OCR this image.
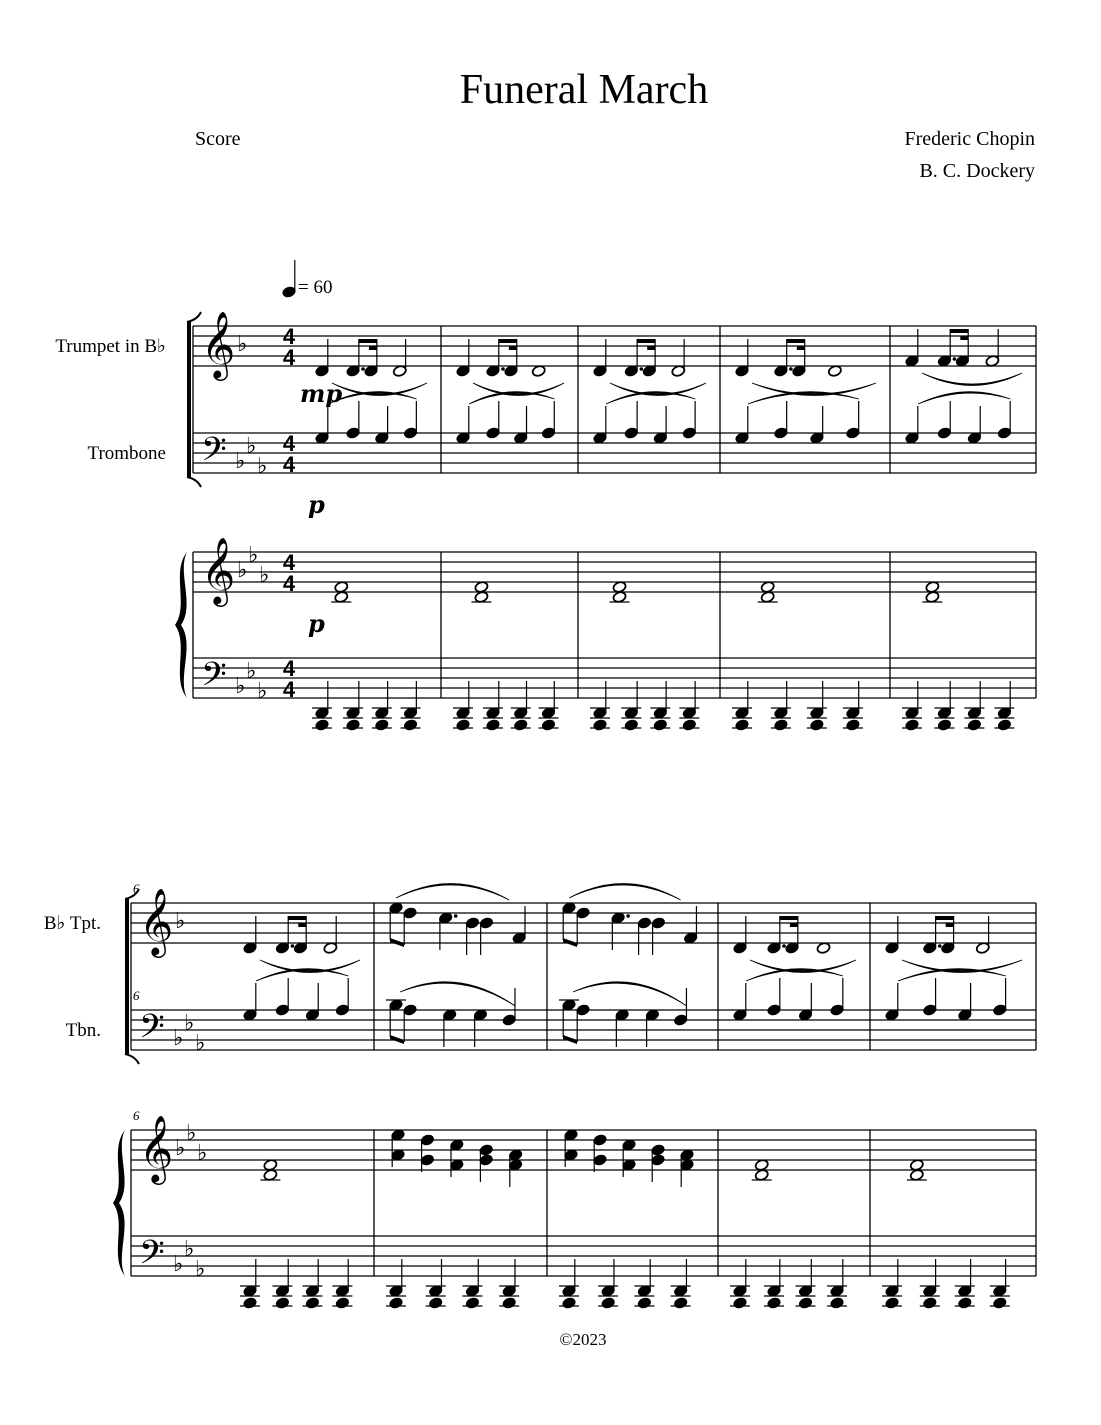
Funeral March
Score	Frederic Chopin
B. C. Dockery
= 60
Trumpet in B♭
Trombone
𝄞 ♭
𝄢 ♭
♭
♭
𝄞 ♭
♭
♭
𝄢 ♭
♭
♭
4
4
4
4
4
4
4
4
mp
p
p
B♭ Tpt.
Tbn.
𝄞 ♭
𝄢 ♭
♭
♭
𝄞 ♭
♭
♭
𝄢 ♭
♭
♭
6
6
6
©2023
